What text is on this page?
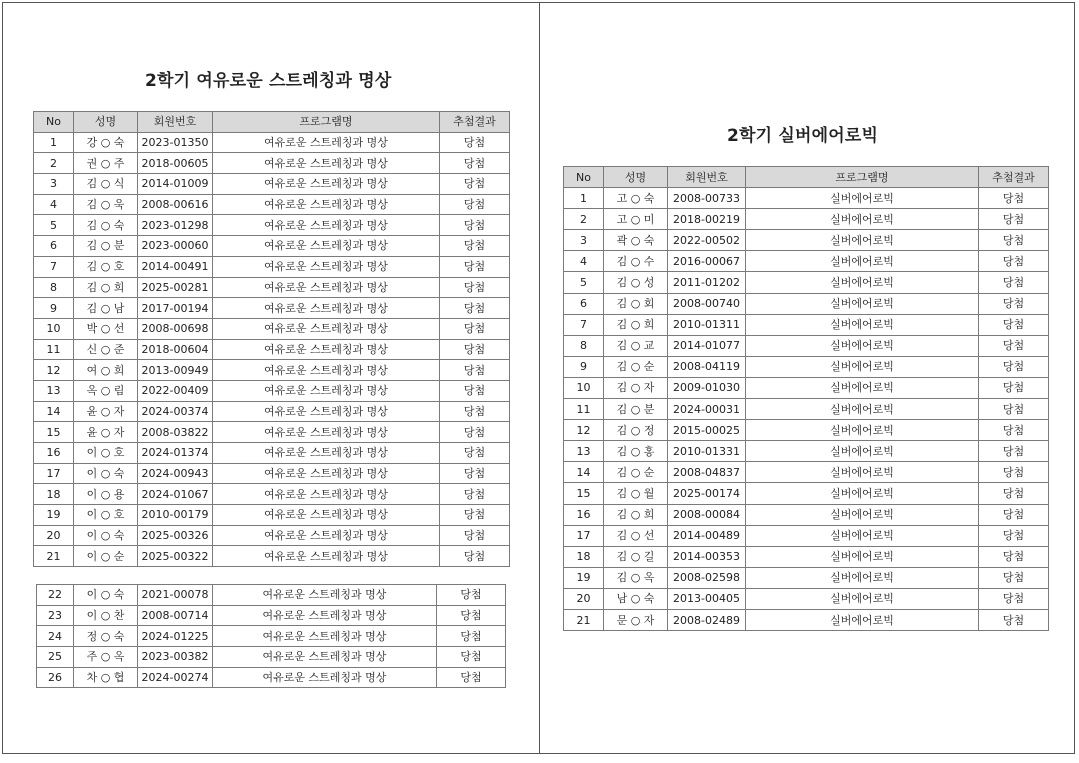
2학기 여유로운 스트레칭과 명상
No	성명	회원번호	프로그램명	추첨결과
1	강 ○ 숙	2023-01350	여유로운 스트레칭과 명상	당첨
2	권 ○ 주	2018-00605	여유로운 스트레칭과 명상	당첨
3	김 ○ 식	2014-01009	여유로운 스트레칭과 명상	당첨
4	김 ○ 욱	2008-00616	여유로운 스트레칭과 명상	당첨
5	김 ○ 숙	2023-01298	여유로운 스트레칭과 명상	당첨
6	김 ○ 분	2023-00060	여유로운 스트레칭과 명상	당첨
7	김 ○ 호	2014-00491	여유로운 스트레칭과 명상	당첨
8	김 ○ 희	2025-00281	여유로운 스트레칭과 명상	당첨
9	김 ○ 남	2017-00194	여유로운 스트레칭과 명상	당첨
10	박 ○ 선	2008-00698	여유로운 스트레칭과 명상	당첨
11	신 ○ 준	2018-00604	여유로운 스트레칭과 명상	당첨
12	여 ○ 희	2013-00949	여유로운 스트레칭과 명상	당첨
13	옥 ○ 림	2022-00409	여유로운 스트레칭과 명상	당첨
14	윤 ○ 자	2024-00374	여유로운 스트레칭과 명상	당첨
15	윤 ○ 자	2008-03822	여유로운 스트레칭과 명상	당첨
16	이 ○ 호	2024-01374	여유로운 스트레칭과 명상	당첨
17	이 ○ 숙	2024-00943	여유로운 스트레칭과 명상	당첨
18	이 ○ 용	2024-01067	여유로운 스트레칭과 명상	당첨
19	이 ○ 호	2010-00179	여유로운 스트레칭과 명상	당첨
20	이 ○ 숙	2025-00326	여유로운 스트레칭과 명상	당첨
21	이 ○ 순	2025-00322	여유로운 스트레칭과 명상	당첨
22	이 ○ 숙	2021-00078	여유로운 스트레칭과 명상	당첨
23	이 ○ 찬	2008-00714	여유로운 스트레칭과 명상	당첨
24	정 ○ 숙	2024-01225	여유로운 스트레칭과 명상	당첨
25	주 ○ 옥	2023-00382	여유로운 스트레칭과 명상	당첨
26	차 ○ 협	2024-00274	여유로운 스트레칭과 명상	당첨
2학기 실버에어로빅
No	성명	회원번호	프로그램명	추첨결과
1	고 ○ 숙	2008-00733	실버에어로빅	당첨
2	고 ○ 미	2018-00219	실버에어로빅	당첨
3	곽 ○ 숙	2022-00502	실버에어로빅	당첨
4	김 ○ 수	2016-00067	실버에어로빅	당첨
5	김 ○ 성	2011-01202	실버에어로빅	당첨
6	김 ○ 회	2008-00740	실버에어로빅	당첨
7	김 ○ 희	2010-01311	실버에어로빅	당첨
8	김 ○ 교	2014-01077	실버에어로빅	당첨
9	김 ○ 순	2008-04119	실버에어로빅	당첨
10	김 ○ 자	2009-01030	실버에어로빅	당첨
11	김 ○ 분	2024-00031	실버에어로빅	당첨
12	김 ○ 정	2015-00025	실버에어로빅	당첨
13	김 ○ 홍	2010-01331	실버에어로빅	당첨
14	김 ○ 순	2008-04837	실버에어로빅	당첨
15	김 ○ 월	2025-00174	실버에어로빅	당첨
16	김 ○ 희	2008-00084	실버에어로빅	당첨
17	김 ○ 선	2014-00489	실버에어로빅	당첨
18	김 ○ 길	2014-00353	실버에어로빅	당첨
19	김 ○ 옥	2008-02598	실버에어로빅	당첨
20	남 ○ 숙	2013-00405	실버에어로빅	당첨
21	문 ○ 자	2008-02489	실버에어로빅	당첨
